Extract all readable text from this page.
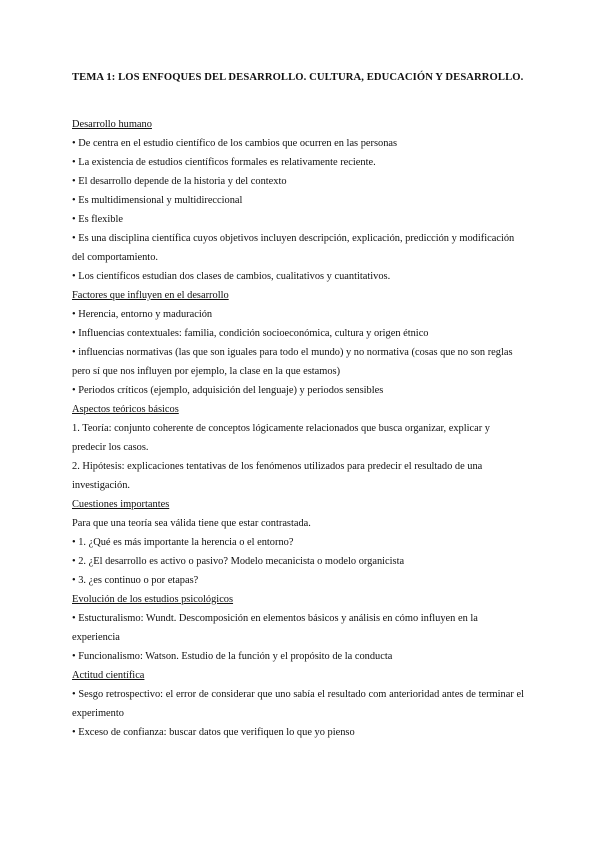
TEMA 1: LOS ENFOQUES DEL DESARROLLO. CULTURA, EDUCACIÓN Y DESARROLLO.

Desarrollo humano

• De centra en el estudio científico de los cambios que ocurren en las personas

• La existencia de estudios científicos formales es relativamente reciente.

• El desarrollo depende de la historia y del contexto

• Es multidimensional y multidireccional

• Es flexible

• Es una disciplina científica cuyos objetivos incluyen descripción, explicación, predicción y modificación del comportamiento.

• Los científicos estudian dos clases de cambios, cualitativos y cuantitativos.

Factores que influyen en el desarrollo

• Herencia, entorno y maduración

• Influencias contextuales: familia, condición socioeconómica, cultura y origen étnico

• influencias normativas (las que son iguales para todo el mundo) y no normativa (cosas que no son reglas pero sí que nos influyen por ejemplo, la clase en la que estamos)

• Periodos críticos (ejemplo, adquisición del lenguaje) y periodos sensibles

Aspectos teóricos básicos

1. Teoría: conjunto coherente de conceptos lógicamente relacionados que busca organizar, explicar y predecir los casos.

2. Hipótesis: explicaciones tentativas de los fenómenos utilizados para predecir el resultado de una investigación.

Cuestiones importantes

Para que una teoría sea válida tiene que estar contrastada.

• 1. ¿Qué es más importante la herencia o el entorno?

• 2. ¿El desarrollo es activo o pasivo? Modelo mecanicista o modelo organicista

• 3. ¿es continuo o por etapas?

Evolución de los estudios psicológicos

• Estucturalismo: Wundt. Descomposición en elementos básicos y análisis en cómo influyen en la experiencia

• Funcionalismo: Watson. Estudio de la función y el propósito de la conducta

Actitud científica

• Sesgo retrospectivo: el error de considerar que uno sabía el resultado com anterioridad antes de terminar el experimento

• Exceso de confianza: buscar datos que verifiquen lo que yo pienso
